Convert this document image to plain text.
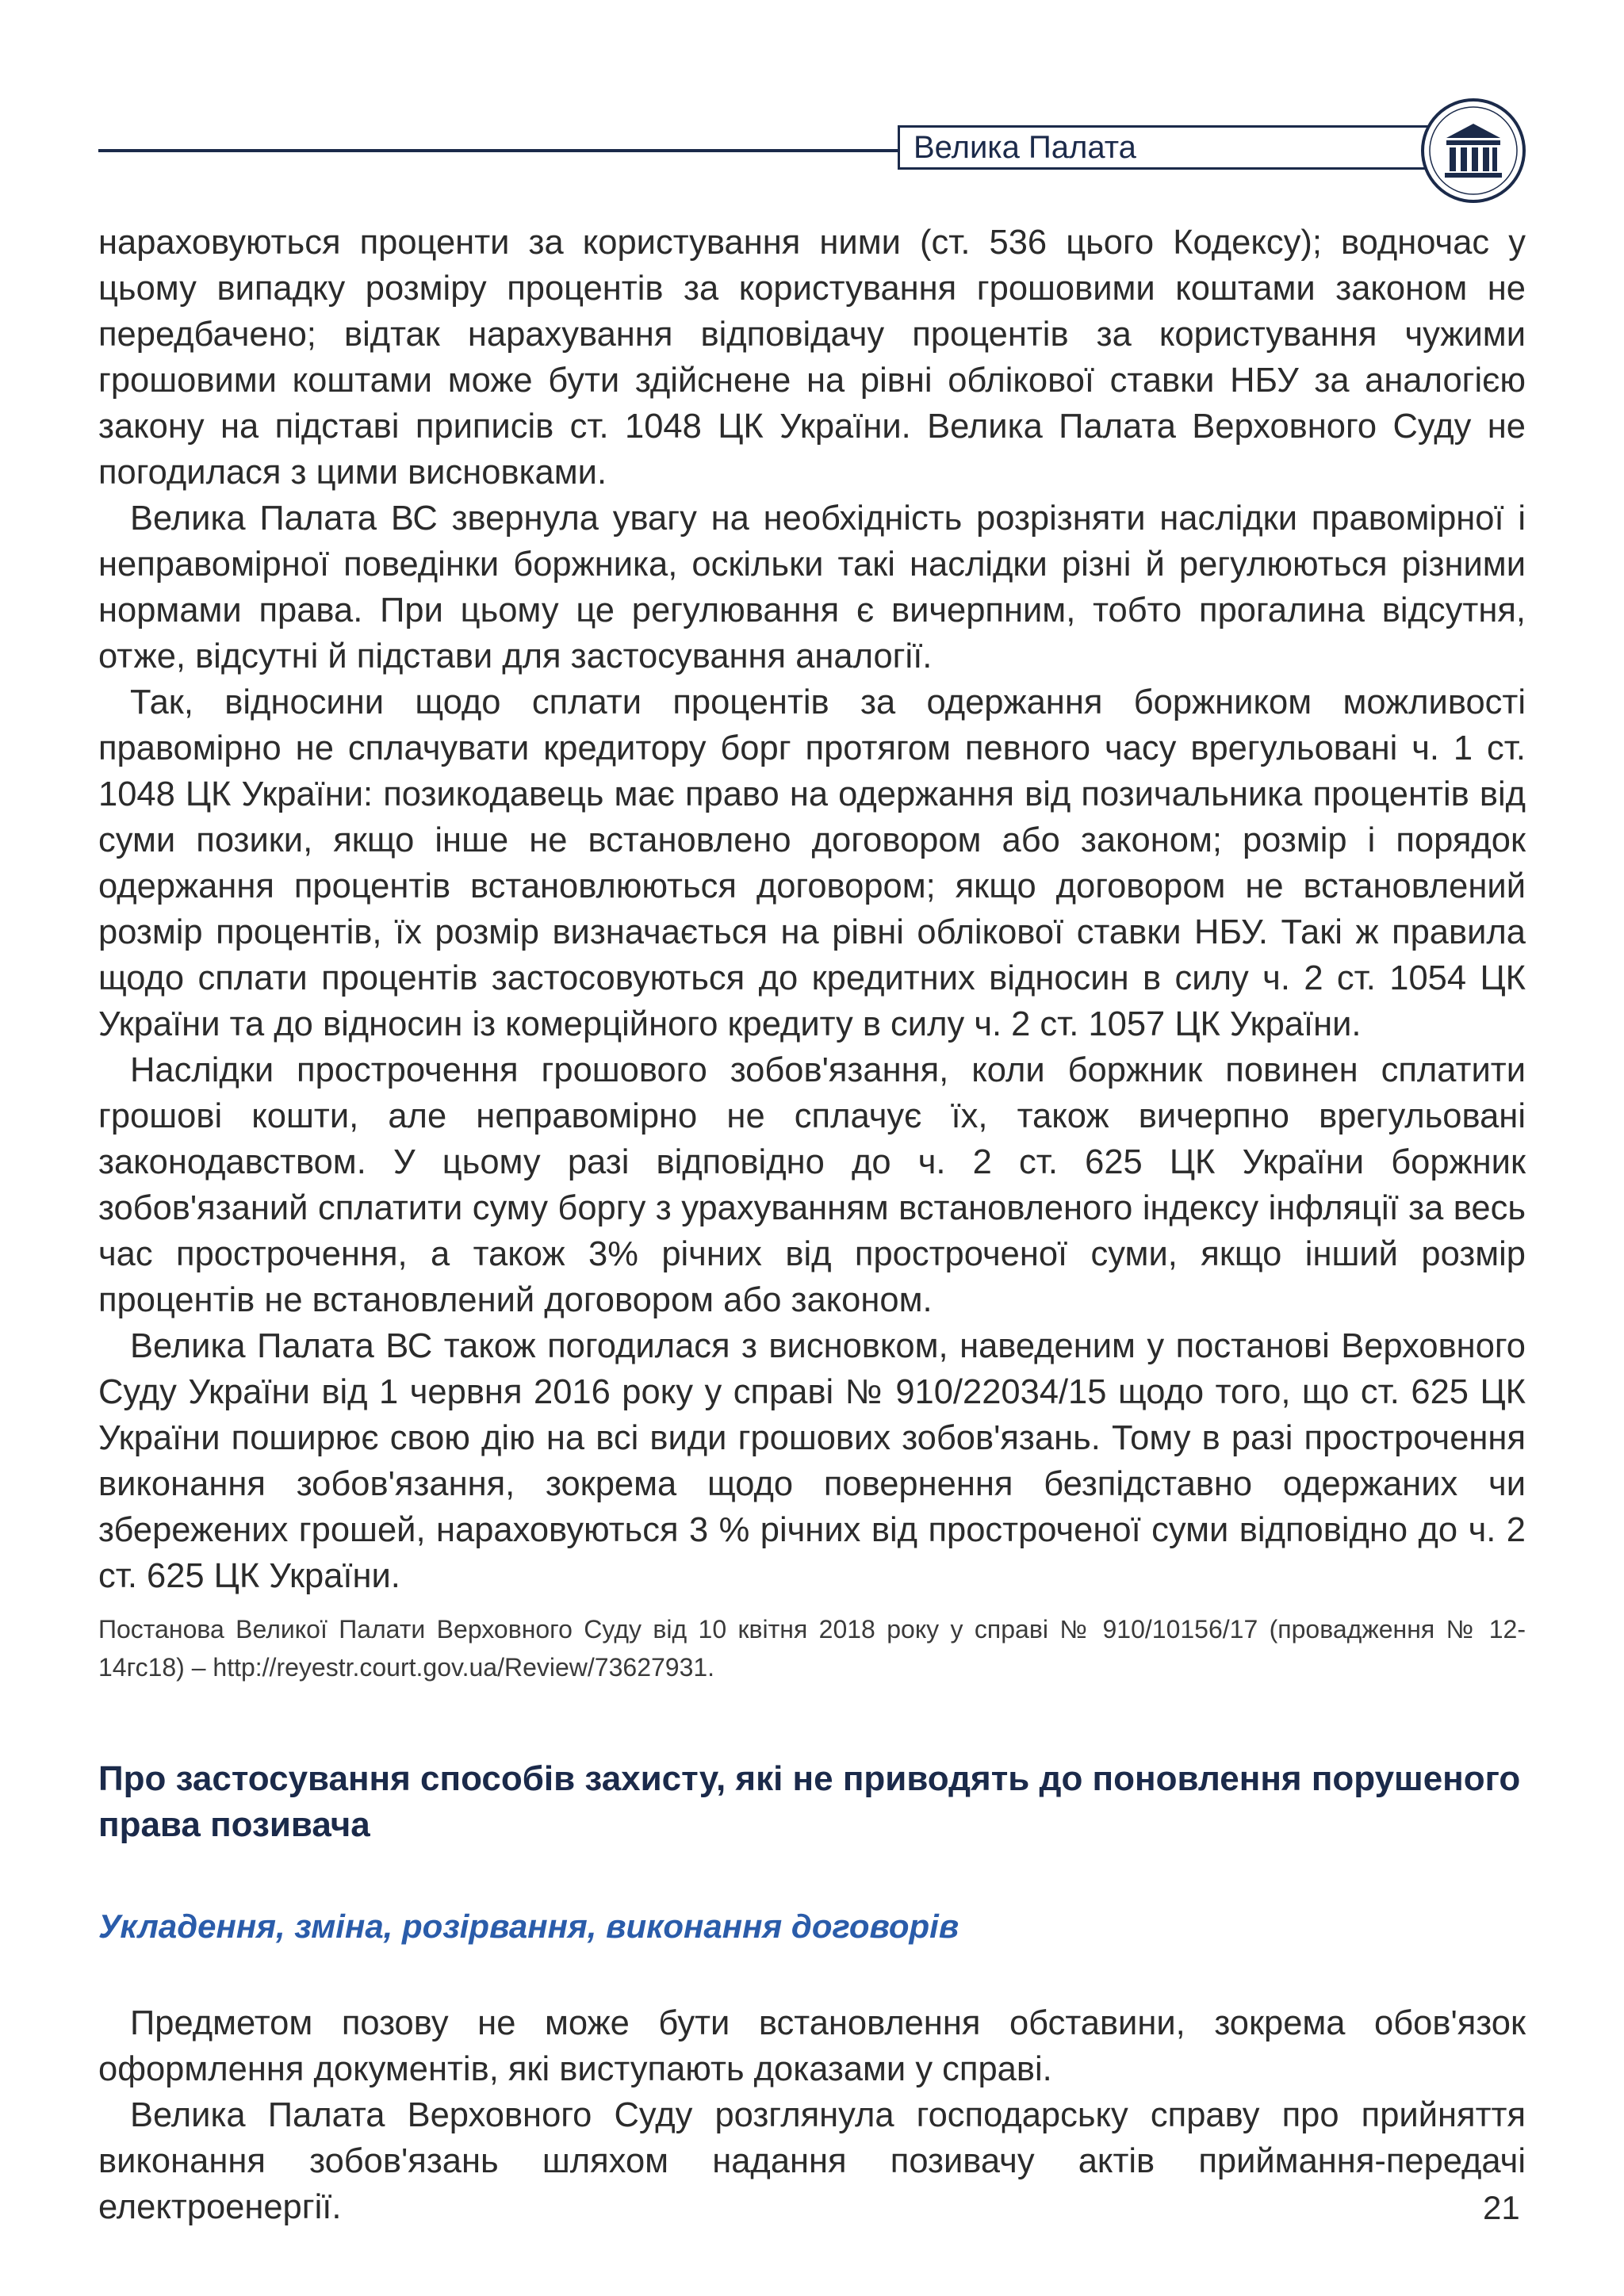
Велика Палата

нараховуються проценти за користування ними (ст. 536 цього Кодексу); водночас у цьому випадку розміру процентів за користування грошовими коштами законом не передбачено; відтак нарахування відповідачу процентів за користування чужими грошовими коштами може бути здійснене на рівні облікової ставки НБУ за аналогією закону на підставі приписів ст. 1048 ЦК України. Велика Палата Верховного Суду не погодилася з цими висновками.

Велика Палата ВС звернула увагу на необхідність розрізняти наслідки правомірної і неправомірної поведінки боржника, оскільки такі наслідки різні й регулюються різними нормами права. При цьому це регулювання є вичерпним, тобто прогалина відсутня, отже, відсутні й підстави для застосування аналогії.

Так, відносини щодо сплати процентів за одержання боржником можливості правомірно не сплачувати кредитору борг протягом певного часу врегульовані ч. 1 ст. 1048 ЦК України: позикодавець має право на одержання від позичальника процентів від суми позики, якщо інше не встановлено договором або законом; розмір і порядок одержання процентів встановлюються договором; якщо договором не встановлений розмір процентів, їх розмір визначається на рівні облікової ставки НБУ. Такі ж правила щодо сплати процентів застосовуються до кредитних відносин в силу ч. 2 ст. 1054 ЦК України та до відносин із комерційного кредиту в силу ч. 2 ст. 1057 ЦК України.

Наслідки прострочення грошового зобов'язання, коли боржник повинен сплатити грошові кошти, але неправомірно не сплачує їх, також вичерпно врегульовані законодавством. У цьому разі відповідно до ч. 2 ст. 625 ЦК України боржник зобов'язаний сплатити суму боргу з урахуванням встановленого індексу інфляції за весь час прострочення, а також 3% річних від простроченої суми, якщо інший розмір процентів не встановлений договором або законом.

Велика Палата ВС також погодилася з висновком, наведеним у постанові Верховного Суду України від 1 червня 2016 року у справі № 910/22034/15 щодо того, що ст. 625 ЦК України поширює свою дію на всі види грошових зобов'язань. Тому в разі прострочення виконання зобов'язання, зокрема щодо повернення безпідставно одержаних чи збережених грошей, нараховуються 3 % річних від простроченої суми відповідно до ч. 2 ст. 625 ЦК України.

Постанова Великої Палати Верховного Суду від 10 квітня 2018 року у справі № 910/10156/17 (провадження № 12-14гс18) – http://reyestr.court.gov.ua/Review/73627931.

Про застосування способів захисту, які не приводять до поновлення порушеного права позивача
Укладення, зміна, розірвання, виконання договорів

Предметом позову не може бути встановлення обставини, зокрема обов'язок оформлення документів, які виступають доказами у справі.

Велика Палата Верховного Суду розглянула господарську справу про прийняття виконання зобов'язань шляхом надання позивачу актів приймання-передачі електроенергії.	21
